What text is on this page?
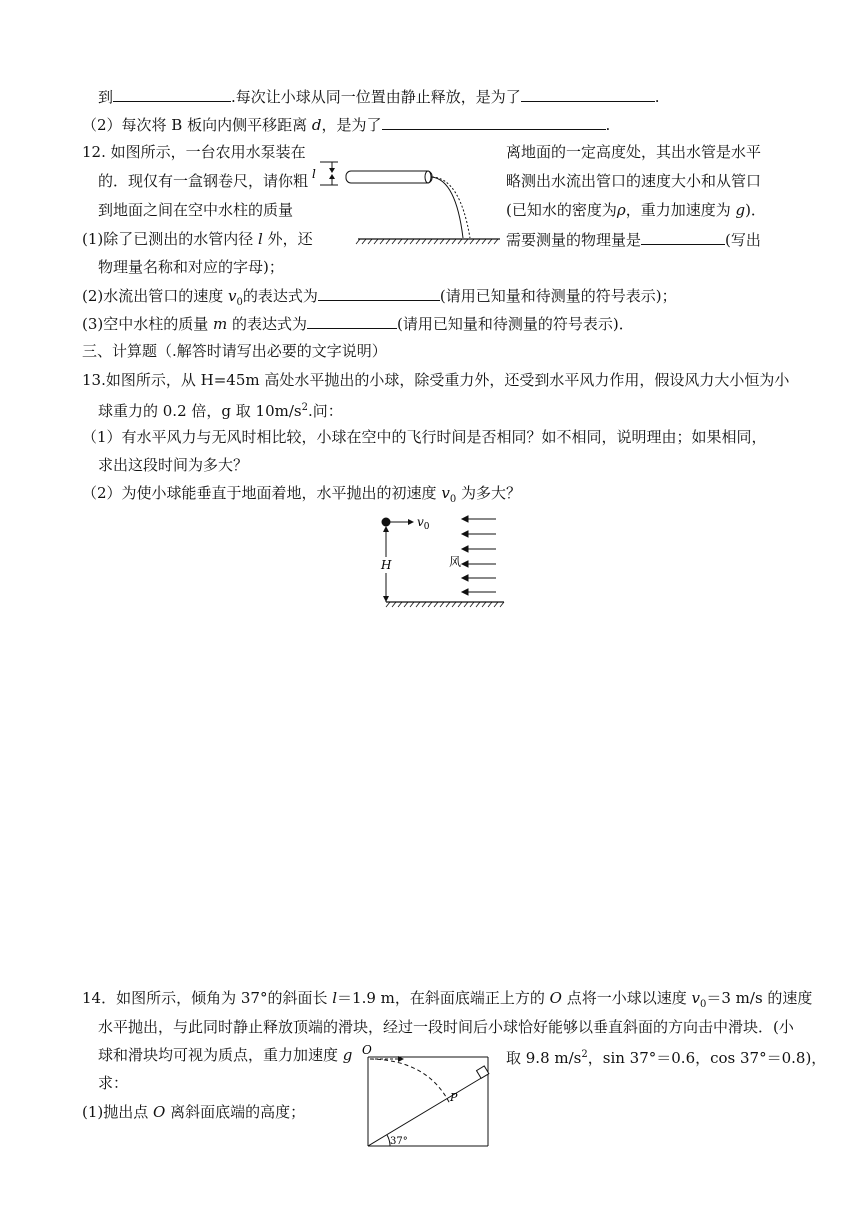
到	.每次让小球从同一位置由静止释放，是为了	.
（2）每次将 B 板向内侧平移距离 d，是为了	.
12. 如图所示，一台农用水泵装在	离地面的一定高度处，其出水管是水平
的．现仅有一盒钢卷尺，请你粗	略测出水流出管口的速度大小和从管口
到地面之间在空中水柱的质量	(已知水的密度为ρ，重力加速度为 g)．
(1)除了已测出的水管内径 l 外，还	需要测量的物理量是	(写出
物理量名称和对应的字母)；
(2)水流出管口的速度 $v_0$的表达式为	(请用已知量和待测量的符号表示)；
(3)空中水柱的质量 m 的表达式为	(请用已知量和待测量的符号表示)．
l
三、计算题（.解答时请写出必要的文字说明）
13.如图所示，从 H=45m 高处水平抛出的小球，除受重力外，还受到水平风力作用，假设风力大小恒为小
球重力的 0.2 倍，g 取 $10m/s^2$.问：
（1）有水平风力与无风时相比较，小球在空中的飞行时间是否相同？如不相同，说明理由；如果相同，
求出这段时间为多大？
（2）为使小球能垂直于地面着地，水平抛出的初速度 $v_0$ 为多大？
$v_0$
H	风
14．如图所示，倾角为 37°的斜面长 l＝1.9 m，在斜面底端正上方的 O 点将一小球以速度 $v_0=3$ m/s 的速度
水平抛出，与此同时静止释放顶端的滑块，经过一段时间后小球恰好能够以垂直斜面的方向击中滑块．(小
球和滑块均可视为质点，重力加速度 g	取 9.8 $m/s^2$，sin 37°＝0.6，cos 37°＝0.8)，
求：
(1)抛出点 O 离斜面底端的高度；
O
P
37°
